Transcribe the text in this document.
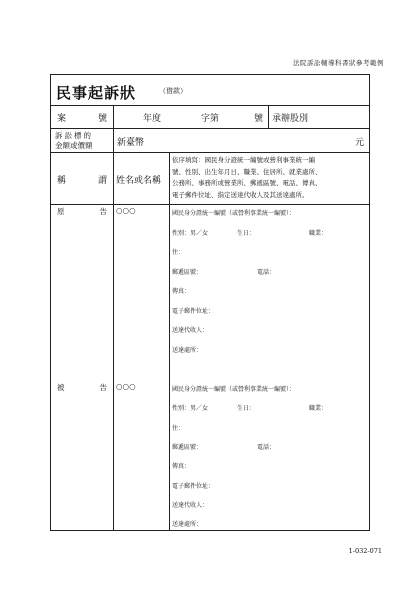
法院訴訟輔導科書狀參考範例
民事起訴狀	（借款）
案	號	年度	字第	號 承辦股別
訴訟標的
金額或價額	新臺幣	元
稱	謂 姓名或名稱
依序填寫：國民身分證統一編號或營利事業統一編
號、性別、出生年月日、職業、住居所、就業處所、
公務所、事務所或營業所、郵遞區號、電話、傳真、
電子郵件位址、指定送達代收人及其送達處所。
原	告 ○○○	國民身分證統一編號（或營利事業統一編號）：
性別：男／女	生日：	職業：
住：
郵遞區號：	電話：
傳真：
電子郵件位址：
送達代收人：
送達處所：
被	告 ○○○	國民身分證統一編號（或營利事業統一編號）：
性別：男／女	生日：	職業：
住：
郵遞區號：	電話：
傳真：
電子郵件位址：
送達代收人：
送達處所：
1-032-071
